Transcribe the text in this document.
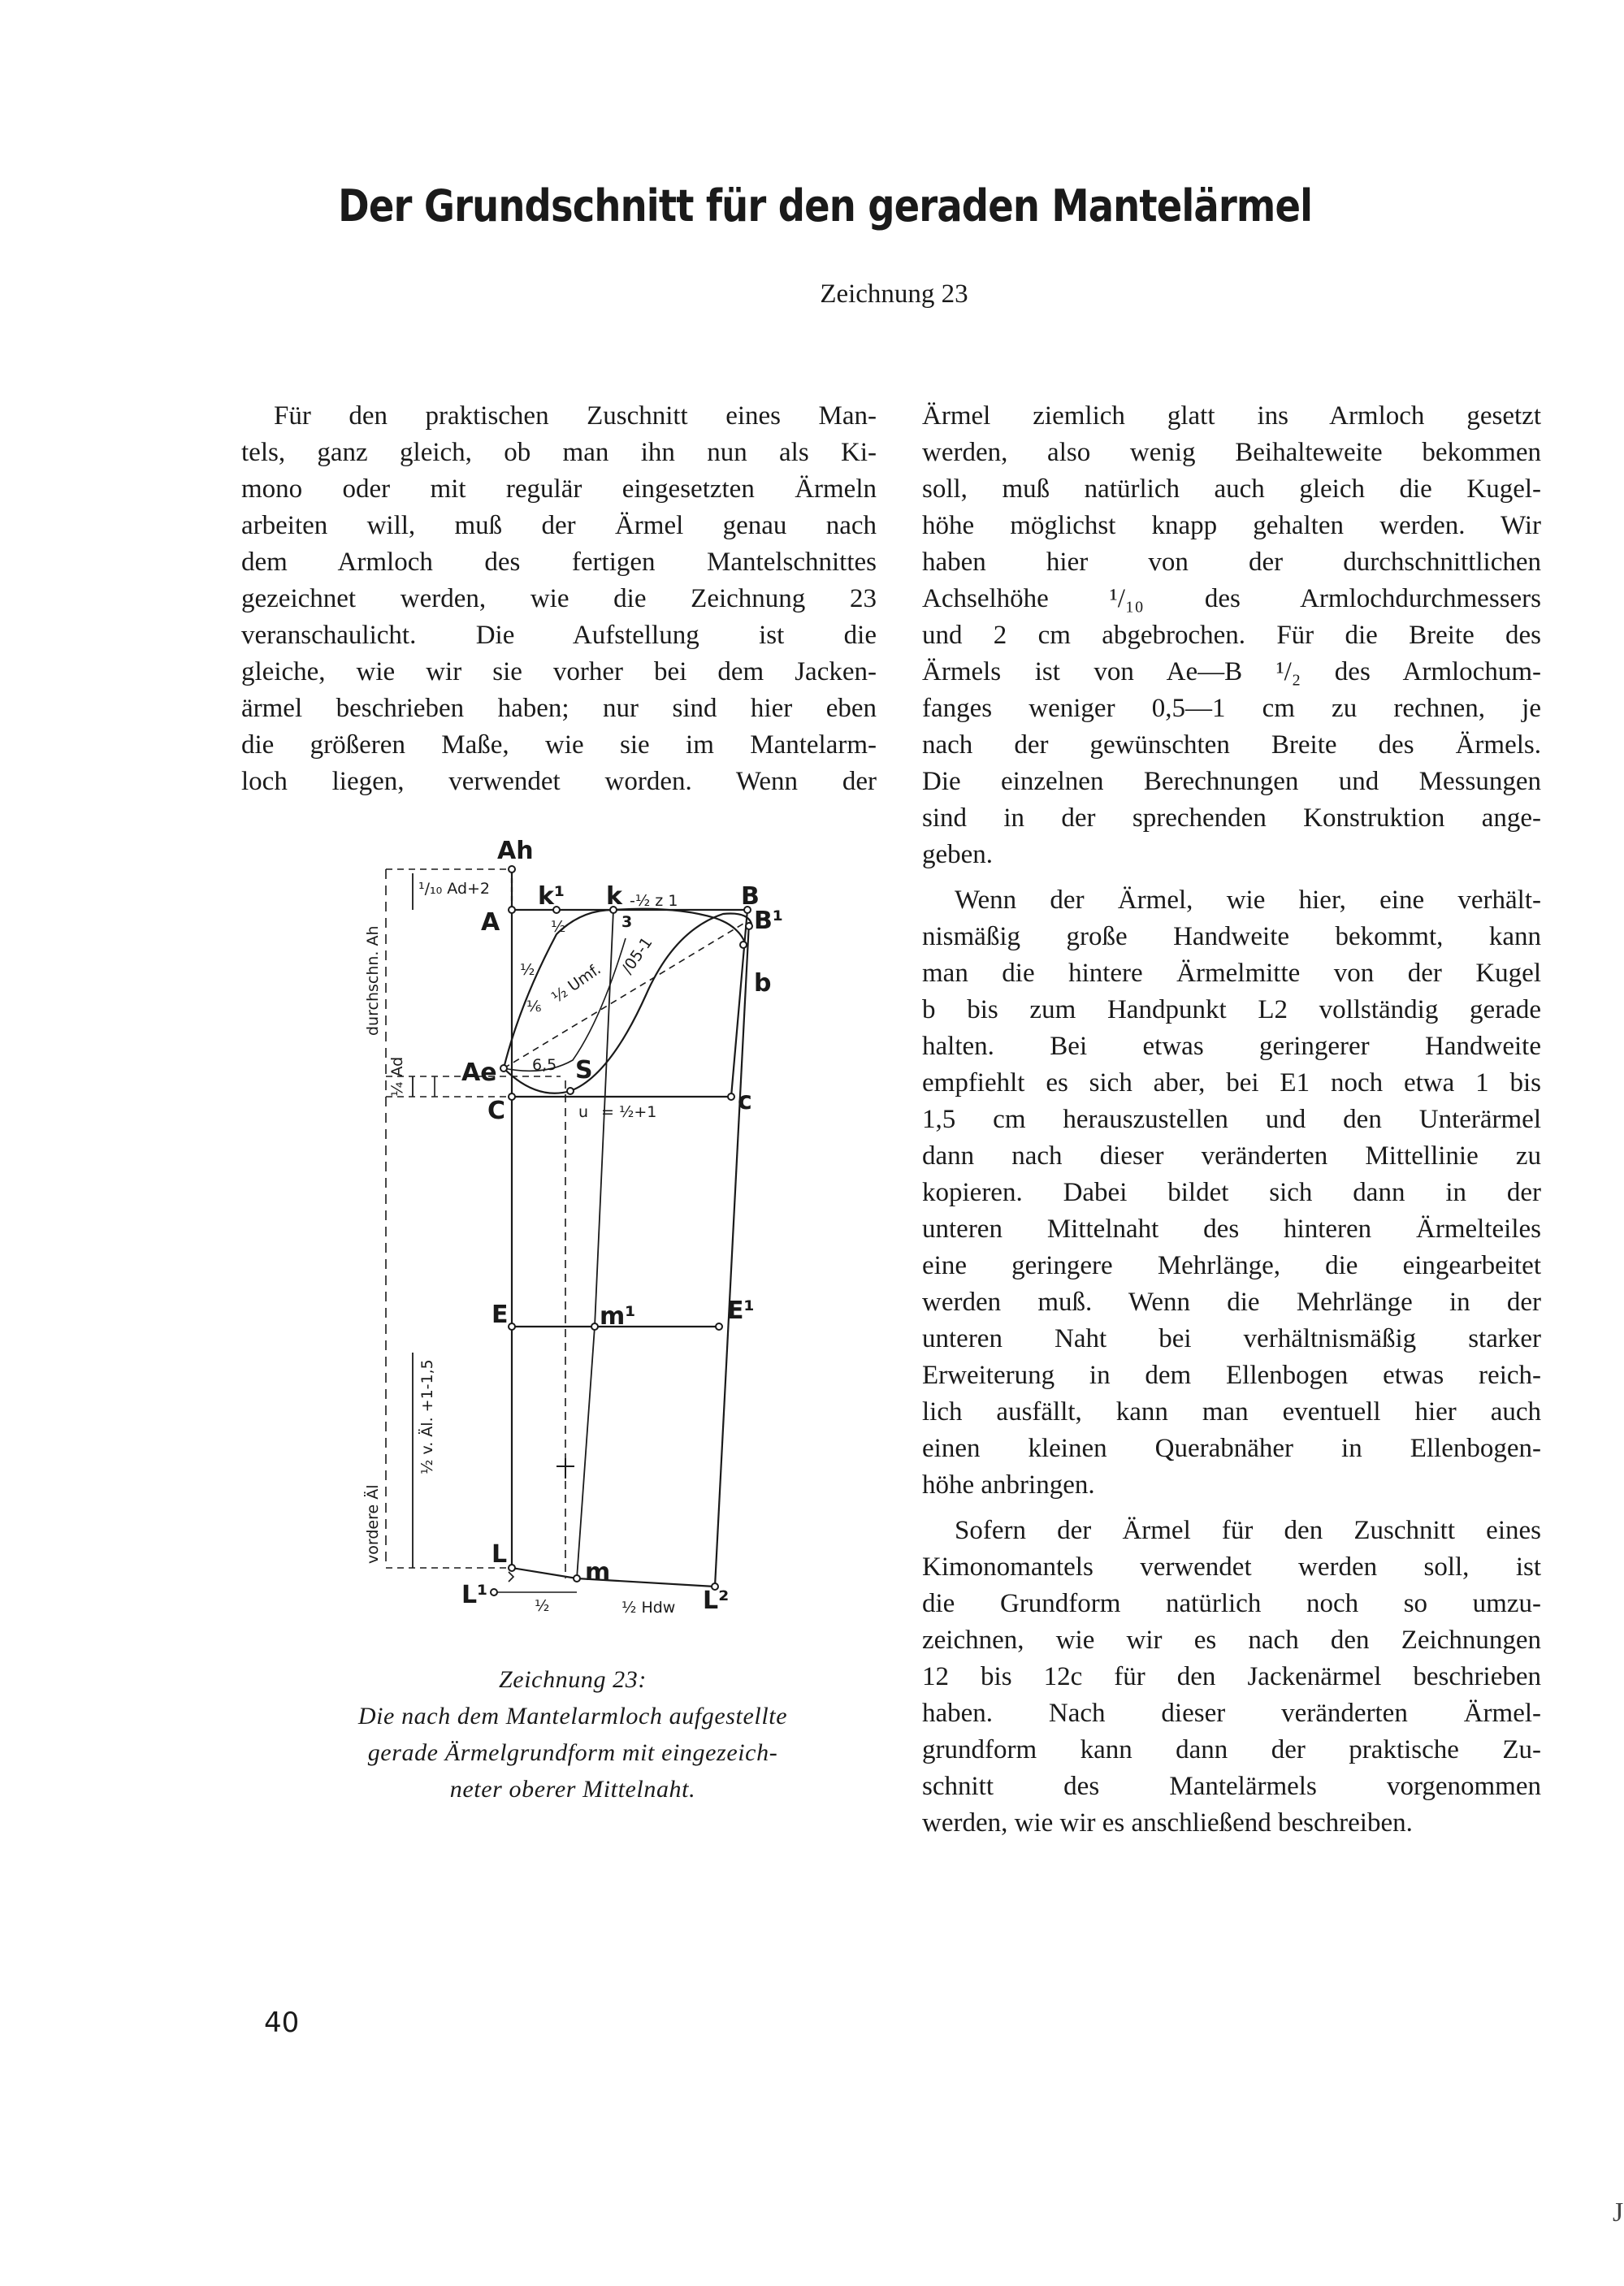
Der Grundschnitt für den geraden Mantelärmel
Zeichnung 23
Für den praktischen Zuschnitt eines Man-
tels, ganz gleich, ob man ihn nun als Ki-
mono oder mit regulär eingesetzten Ärmeln
arbeiten will, muß der Ärmel genau nach
dem Armloch des fertigen Mantelschnittes
gezeichnet werden, wie die Zeichnung 23
veranschaulicht. Die Aufstellung ist die
gleiche, wie wir sie vorher bei dem Jacken-
ärmel beschrieben haben; nur sind hier eben
die größeren Maße, wie sie im Mantelarm-
loch liegen, verwendet worden. Wenn der
Ärmel ziemlich glatt ins Armloch gesetzt
werden, also wenig Beihalteweite bekommen
soll, muß natürlich auch gleich die Kugel-
höhe möglichst knapp gehalten werden. Wir
haben hier von der durchschnittlichen
Achselhöhe ¹/₁₀ des Armlochdurchmessers
und 2 cm abgebrochen. Für die Breite des
Ärmels ist von Ae—B ¹/₂ des Armlochum-
fanges weniger 0,5—1 cm zu rechnen, je
nach der gewünschten Breite des Ärmels.
Die einzelnen Berechnungen und Messungen
sind in der sprechenden Konstruktion ange-
geben.
Wenn der Ärmel, wie hier, eine verhält-
nismäßig große Handweite bekommt, kann
man die hintere Ärmelmitte von der Kugel
b bis zum Handpunkt L2 vollständig gerade
halten. Bei etwas geringerer Handweite
empfiehlt es sich aber, bei E1 noch etwa 1 bis
1,5 cm herauszustellen und den Unterärmel
dann nach dieser veränderten Mittellinie zu
kopieren. Dabei bildet sich dann in der
unteren Mittelnaht des hinteren Ärmelteiles
eine geringere Mehrlänge, die eingearbeitet
werden muß. Wenn die Mehrlänge in der
unteren Naht bei verhältnismäßig starker
Erweiterung in dem Ellenbogen etwas reich-
lich ausfällt, kann man eventuell hier auch
einen kleinen Querabnäher in Ellenbogen-
höhe anbringen.
Sofern der Ärmel für den Zuschnitt eines
Kimonomantels verwendet werden soll, ist
die Grundform natürlich noch so umzu-
zeichnen, wie wir es nach den Zeichnungen
12 bis 12c für den Jackenärmel beschrieben
haben. Nach dieser veränderten Ärmel-
grundform kann dann der praktische Zu-
schnitt des Mantelärmels vorgenommen
werden, wie wir es anschließend beschreiben.
Ah
A
k¹ k	B
B¹
b
Ae	S
C	c
E	m¹	E¹
L
L¹
m
L²
3
¹/₁₀ Ad+2
-½ z 1
½
½
⅙ ½ Umf.
/05-1
6,5
u = ½+1
½ Hdw
½
durchschn. Ah
¼ Ad
vordere Äl
½ v. Äl. +1-1,5
Zeichnung 23:
Die nach dem Mantelarmloch aufgestellte
gerade Ärmelgrundform mit eingezeich-
neter oberer Mittelnaht.
40
J
